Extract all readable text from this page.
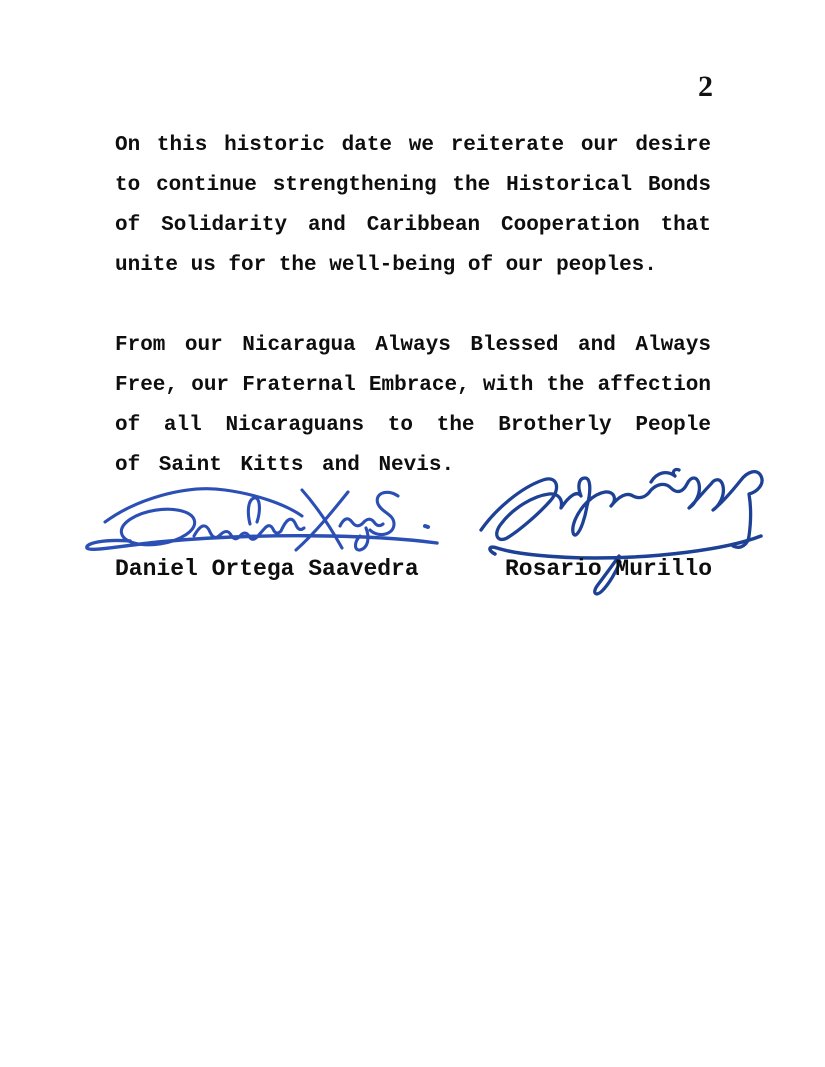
2
On this historic date we reiterate our desire
to continue strengthening the Historical Bonds
of Solidarity and Caribbean Cooperation that
unite us for the well-being of our peoples.
From our Nicaragua Always Blessed and Always
Free, our Fraternal Embrace, with the affection
of all Nicaraguans to the Brotherly People
of Saint Kitts and Nevis.
Daniel Ortega Saavedra	Rosario Murillo
